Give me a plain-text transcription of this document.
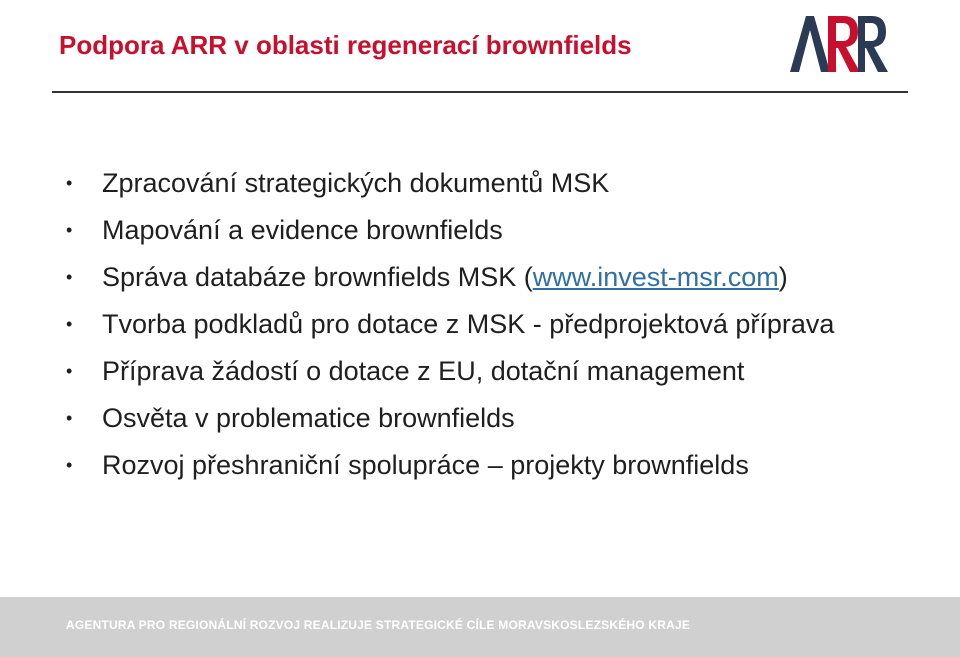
Podpora ARR v oblasti regenerací brownfields
• Zpracování strategických dokumentů MSK
• Mapování a evidence brownfields
• Správa databáze brownfields MSK (www.invest-msr.com)
• Tvorba podkladů pro dotace z MSK - předprojektová příprava
• Příprava žádostí o dotace z EU, dotační management
• Osvěta v problematice brownfields
• Rozvoj přeshraniční spolupráce – projekty brownfields
AGENTURA PRO REGIONÁLNÍ ROZVOJ REALIZUJE STRATEGICKÉ CÍLE MORAVSKOSLEZSKÉHO KRAJE
